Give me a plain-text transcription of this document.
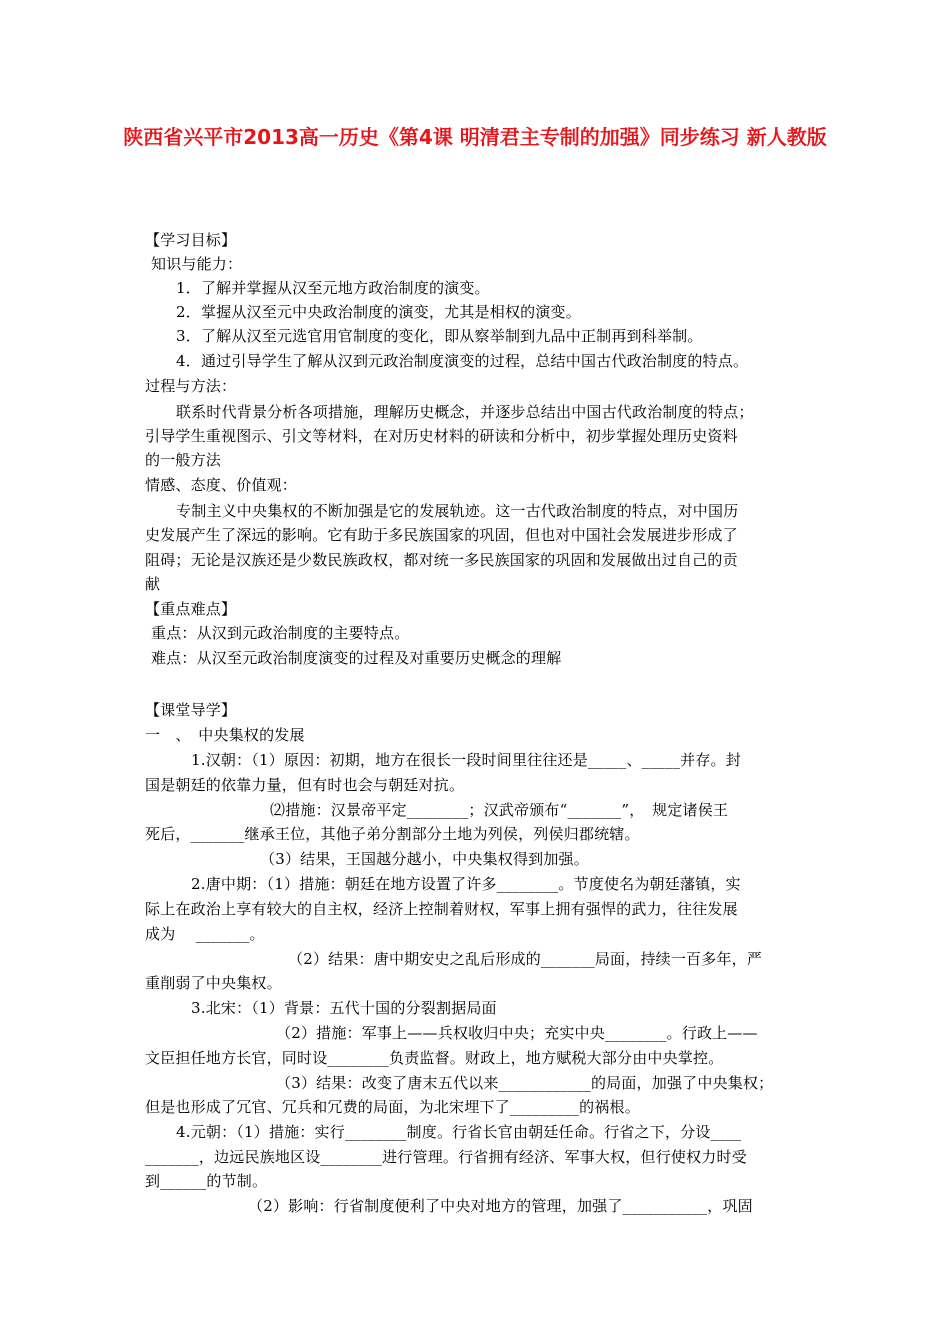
陕西省兴平市2013高一历史《第4课 明清君主专制的加强》同步练习 新人教版
【学习目标】
知识与能力：
1．了解并掌握从汉至元地方政治制度的演变。
2．掌握从汉至元中央政治制度的演变，尤其是相权的演变。
3．了解从汉至元选官用官制度的变化，即从察举制到九品中正制再到科举制。
4．通过引导学生了解从汉到元政治制度演变的过程，总结中国古代政治制度的特点。
过程与方法：
联系时代背景分析各项措施，理解历史概念，并逐步总结出中国古代政治制度的特点；
引导学生重视图示、引文等材料，在对历史材料的研读和分析中，初步掌握处理历史资料
的一般方法
情感、态度、价值观：
专制主义中央集权的不断加强是它的发展轨迹。这一古代政治制度的特点，对中国历
史发展产生了深远的影响。它有助于多民族国家的巩固，但也对中国社会发展进步形成了
阻碍；无论是汉族还是少数民族政权，都对统一多民族国家的巩固和发展做出过自己的贡
献
【重点难点】
重点：从汉到元政治制度的主要特点。
难点：从汉至元政治制度演变的过程及对重要历史概念的理解
【课堂导学】
一　、　中央集权的发展
1.汉朝：（1）原因：初期，地方在很长一段时间里往往还是_____、_____并存。封
国是朝廷的依靠力量，但有时也会与朝廷对抗。
⑵措施：汉景帝平定________；汉武帝颁布“_______”，　规定诸侯王
死后，_______继承王位，其他子弟分割部分土地为列侯，列侯归郡统辖。
（3）结果，王国越分越小，中央集权得到加强。
2.唐中期：（1）措施：朝廷在地方设置了许多________。节度使名为朝廷藩镇，实
际上在政治上享有较大的自主权，经济上控制着财权，军事上拥有强悍的武力，往往发展
成为　 _______。
（2）结果：唐中期安史之乱后形成的_______局面，持续一百多年，严
重削弱了中央集权。
3.北宋：（1）背景：五代十国的分裂割据局面
（2）措施：军事上——兵权收归中央；充实中央________。行政上——
文臣担任地方长官，同时设________负责监督。财政上，地方赋税大部分由中央掌控。
（3）结果：改变了唐末五代以来____________的局面，加强了中央集权；
但是也形成了冗官、冗兵和冗费的局面，为北宋埋下了_________的祸根。
4.元朝：（1）措施：实行________制度。行省长官由朝廷任命。行省之下，分设____
_______，边远民族地区设________进行管理。行省拥有经济、军事大权，但行使权力时受
到______的节制。
（2）影响：行省制度便利了中央对地方的管理，加强了___________，巩固
